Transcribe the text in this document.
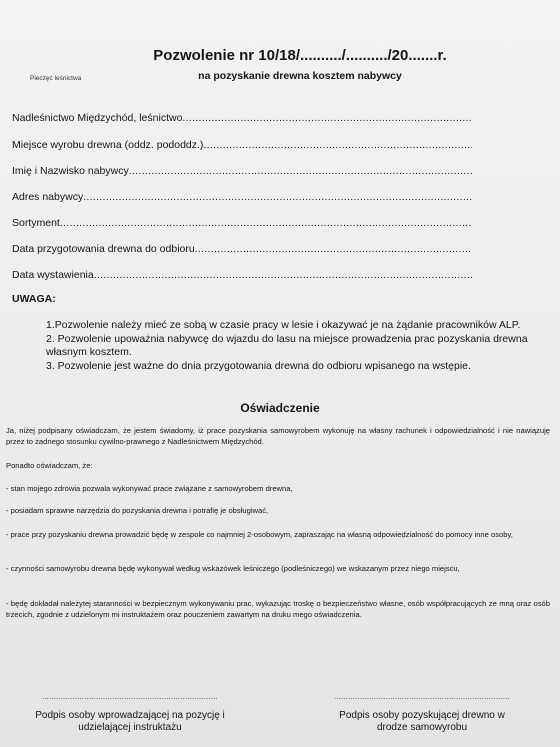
Pozwolenie nr 10/18/........../........../20.......r.
na pozyskanie drewna kosztem nabywcy
Pieczęć leśnictwa
Nadleśnictwo Międzychód, leśnictwo .....
Miejsce wyrobu drewna (oddz. pododdz.) .....
Imię i Nazwisko nabywcy .....
Adres nabywcy .....
Sortyment .....
Data przygotowania drewna do odbioru .....
Data wystawienia .....
UWAGA:
1.Pozwolenie należy mieć ze sobą w czasie pracy w lesie i okazywać je na żądanie pracowników ALP.
2. Pozwolenie upoważnia nabywcę do wjazdu do lasu na miejsce prowadzenia prac pozyskania drewna własnym kosztem.
3. Pozwolenie jest ważne do dnia przygotowania drewna do odbioru wpisanego na wstępie.
Oświadczenie
Ja, niżej podpisany oświadczam, że jestem świadomy, iż prace pozyskania samowyrobem wykonuję na własny rachunek i odpowiedzialność i nie nawiązuję przez to żadnego stosunku cywilno-prawnego z Nadleśnictwem Międzychód.
Ponadto oświadczam, że:
- stan mojego zdrowia pozwala wykonywać prace związane z samowyrobem drewna,
- posiadam sprawne narzędzia do pozyskania drewna i potrafię je obsługiwać,
- prace przy pozyskaniu drewna prowadzić będę w zespole co najmniej 2-osobowym, zapraszając na własną odpowiedzialność do pomocy inne osoby,
- czynności samowyrobu drewna będę wykonywał według wskazówek leśniczego (podleśniczego) we wskazanym przez niego miejscu,
- będę dokładał należytej staranności w bezpiecznym wykonywaniu prac, wykazując troskę o bezpieczeństwo własne, osób współpracujących ze mną oraz osób trzecich, zgodnie z udzielonym mi instruktażem oraz pouczeniem zawartym na druku mego oświadczenia.
...........................................................................
Podpis osoby wprowadzającej na pozycję i udzielającej instruktażu
...........................................................................
Podpis osoby pozyskującej drewno w drodze samowyrobu
